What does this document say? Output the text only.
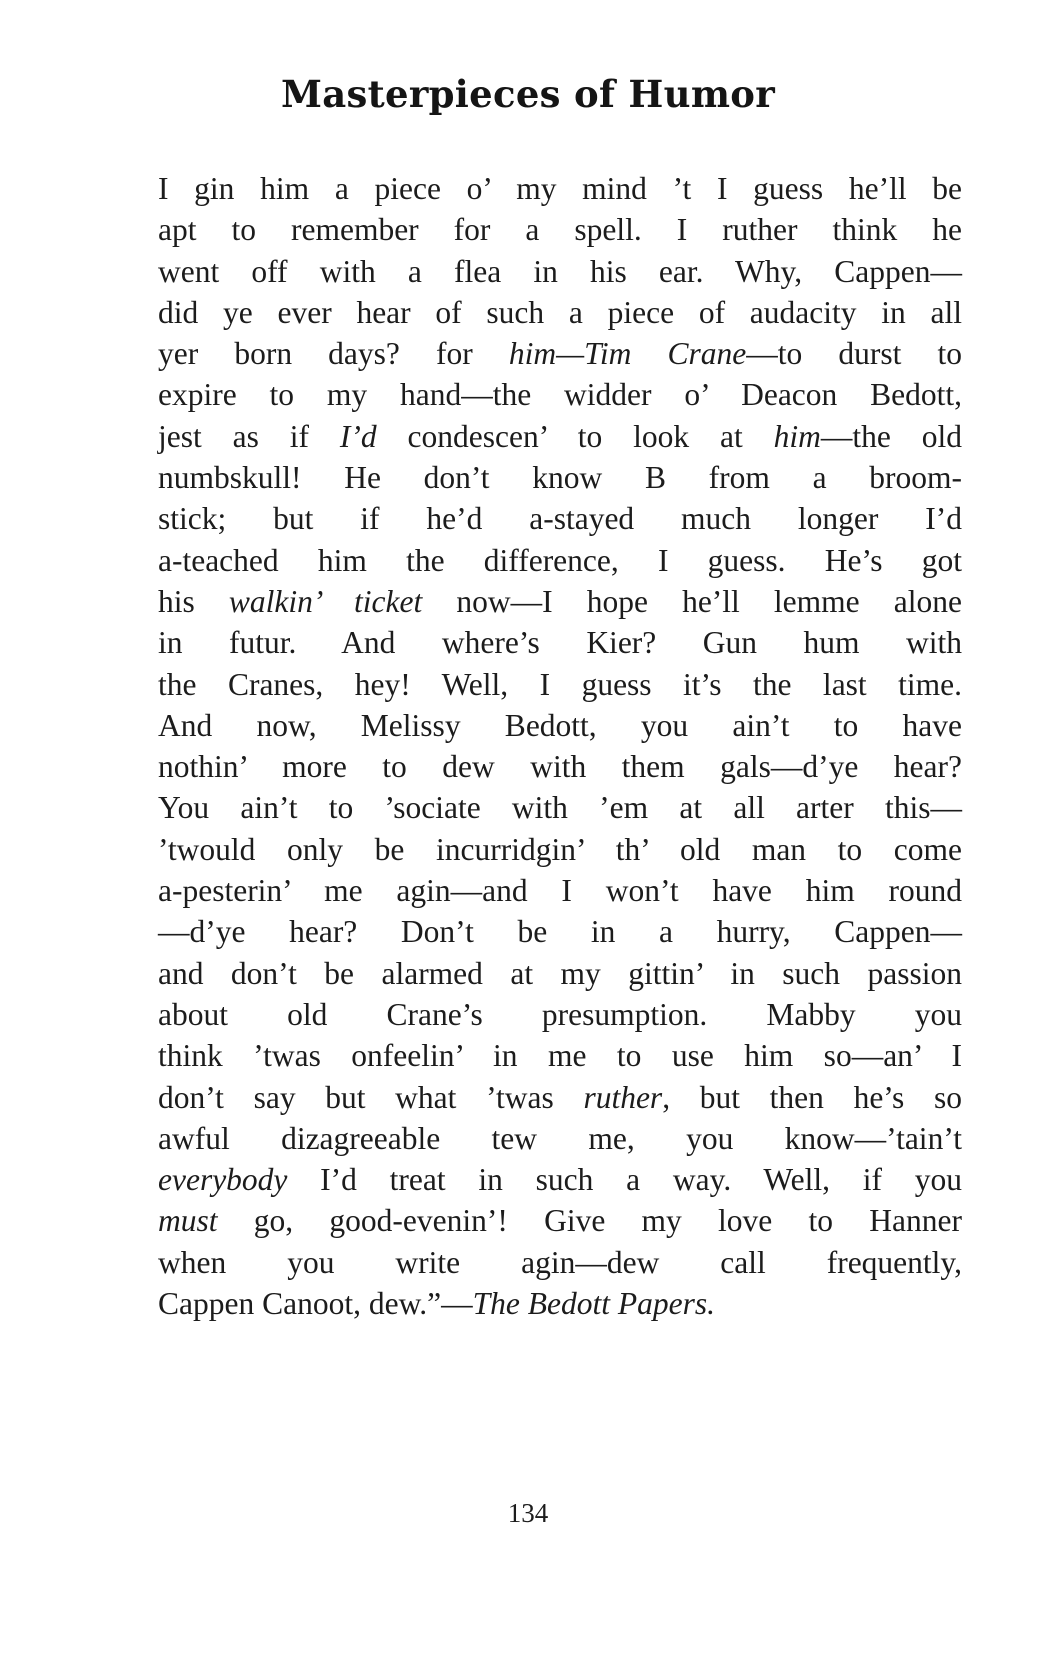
Masterpieces of Humor
I gin him a piece o’ my mind ’t I guess he’ll be
apt to remember for a spell. I ruther think he
went off with a flea in his ear. Why, Cappen—
did ye ever hear of such a piece of audacity in all
yer born days? for him—Tim Crane—to durst to
expire to my hand—the widder o’ Deacon Bedott,
jest as if I’d condescen’ to look at him—the old
numbskull! He don’t know B from a broom-
stick; but if he’d a-stayed much longer I’d
a-teached him the difference, I guess. He’s got
his walkin’ ticket now—I hope he’ll lemme alone
in futur. And where’s Kier? Gun hum with
the Cranes, hey! Well, I guess it’s the last time.
And now, Melissy Bedott, you ain’t to have
nothin’ more to dew with them gals—d’ye hear?
You ain’t to ’sociate with ’em at all arter this—
’twould only be incurridgin’ th’ old man to come
a-pesterin’ me agin—and I won’t have him round
—d’ye hear? Don’t be in a hurry, Cappen—
and don’t be alarmed at my gittin’ in such passion
about old Crane’s presumption. Mabby you
think ’twas onfeelin’ in me to use him so—an’ I
don’t say but what ’twas ruther, but then he’s so
awful dizagreeable tew me, you know—’tain’t
everybody I’d treat in such a way. Well, if you
must go, good-evenin’! Give my love to Hanner
when you write agin—dew call frequently,
Cappen Canoot, dew.”—The Bedott Papers.
134
